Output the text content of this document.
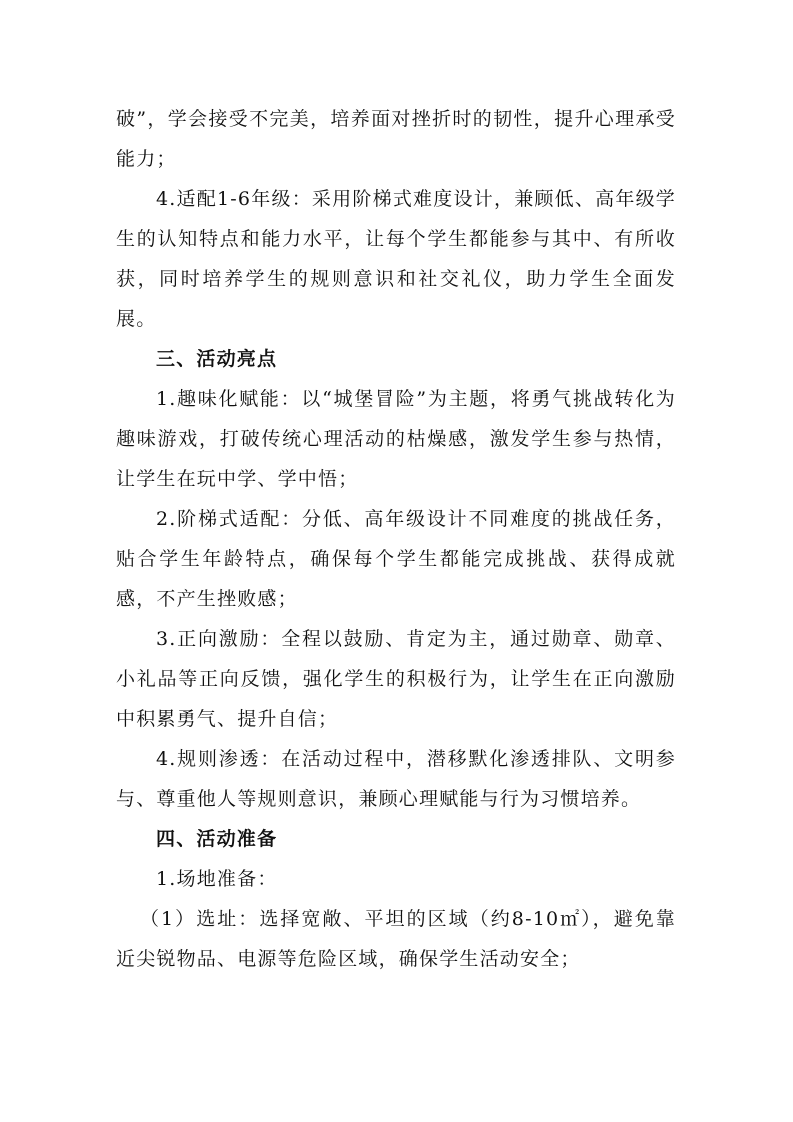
破”，学会接受不完美，培养面对挫折时的韧性，提升心理承受能力；

4.适配1-6年级：采用阶梯式难度设计，兼顾低、高年级学生的认知特点和能力水平，让每个学生都能参与其中、有所收获，同时培养学生的规则意识和社交礼仪，助力学生全面发展。

三、活动亮点

1.趣味化赋能：以“城堡冒险”为主题，将勇气挑战转化为趣味游戏，打破传统心理活动的枯燥感，激发学生参与热情，让学生在玩中学、学中悟；

2.阶梯式适配：分低、高年级设计不同难度的挑战任务，贴合学生年龄特点，确保每个学生都能完成挑战、获得成就感，不产生挫败感；

3.正向激励：全程以鼓励、肯定为主，通过勋章、勋章、小礼品等正向反馈，强化学生的积极行为，让学生在正向激励中积累勇气、提升自信；

4.规则渗透：在活动过程中，潜移默化渗透排队、文明参与、尊重他人等规则意识，兼顾心理赋能与行为习惯培养。

四、活动准备

1.场地准备：

（1）选址：选择宽敞、平坦的区域（约8-10㎡），避免靠近尖锐物品、电源等危险区域，确保学生活动安全；
